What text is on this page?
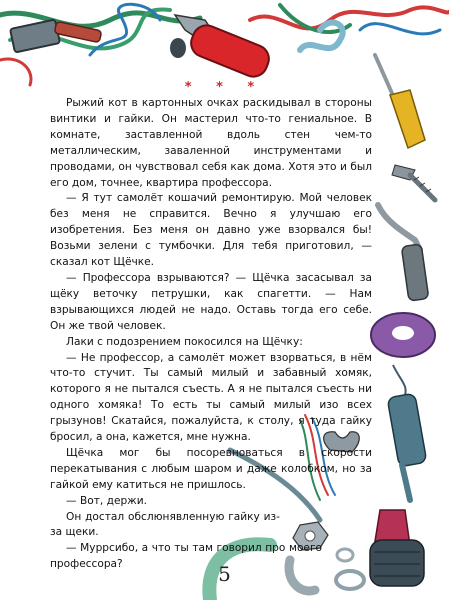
* * *

Рыжий кот в картонных очках раскидывал в стороны винтики и гайки. Он мастерил что-то гениальное. В комнате, заставленной вдоль стен чем-то металлическим, заваленной инструментами и проводами, он чувствовал себя как дома. Хотя это и был его дом, точнее, квартира профессора.

— Я тут самолёт кошачий ремонтирую. Мой человек без меня не справится. Вечно я улучшаю его изобретения. Без меня он давно уже взорвался бы! Возьми зелени с тумбочки. Для тебя приготовил, — сказал кот Щёчке.

— Профессора взрываются? — Щёчка засасывал за щёку веточку петрушки, как спагетти. — Нам взрывающихся людей не надо. Оставь тогда его себе. Он же твой человек.

Лаки с подозрением покосился на Щёчку:

— Не профессор, а самолёт может взорваться, в нём что-то стучит. Ты самый милый и забавный хомяк, которого я не пытался съесть. А я не пытался съесть ни одного хомяка! То есть ты самый милый изо всех грызунов! Скатайся, пожалуйста, к столу, я туда гайку бросил, а она, кажется, мне нужна.

Щёчка мог бы посоревноваться в скорости перекатывания с любым шаром и даже колобком, но за гайкой ему катиться не пришлось.

— Вот, держи.

Он достал обслюнявленную гайку из-за щеки.

— Муррсибо, а что ты там говорил про моего профессора?	5
